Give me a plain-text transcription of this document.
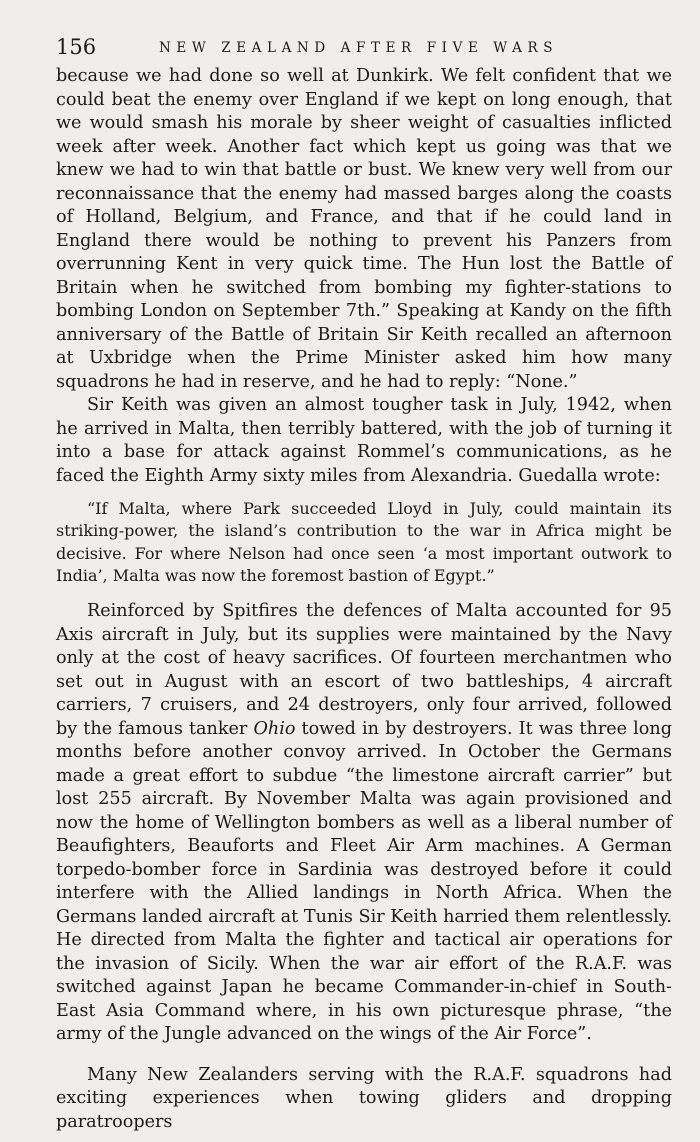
156	NEW ZEALAND AFTER FIVE WARS

because we had done so well at Dunkirk. We felt confident that we could beat the enemy over England if we kept on long enough, that we would smash his morale by sheer weight of casualties inflicted week after week. Another fact which kept us going was that we knew we had to win that battle or bust. We knew very well from our reconnaissance that the enemy had massed barges along the coasts of Holland, Belgium, and France, and that if he could land in England there would be nothing to prevent his Panzers from overrunning Kent in very quick time. The Hun lost the Battle of Britain when he switched from bombing my fighter-stations to bombing London on September 7th.” Speaking at Kandy on the fifth anniversary of the Battle of Britain Sir Keith recalled an afternoon at Uxbridge when the Prime Minister asked him how many squadrons he had in reserve, and he had to reply: “None.”

Sir Keith was given an almost tougher task in July, 1942, when he arrived in Malta, then terribly battered, with the job of turning it into a base for attack against Rommel’s communications, as he faced the Eighth Army sixty miles from Alexandria. Guedalla wrote:

“If Malta, where Park succeeded Lloyd in July, could maintain its striking-power, the island’s contribution to the war in Africa might be decisive. For where Nelson had once seen ‘a most important outwork to India’, Malta was now the foremost bastion of Egypt.”

Reinforced by Spitfires the defences of Malta accounted for 95 Axis aircraft in July, but its supplies were maintained by the Navy only at the cost of heavy sacrifices. Of fourteen merchantmen who set out in August with an escort of two battleships, 4 aircraft carriers, 7 cruisers, and 24 destroyers, only four arrived, followed by the famous tanker Ohio towed in by destroyers. It was three long months before another convoy arrived. In October the Germans made a great effort to subdue “the limestone aircraft carrier” but lost 255 aircraft. By November Malta was again provisioned and now the home of Wellington bombers as well as a liberal number of Beaufighters, Beauforts and Fleet Air Arm machines. A German torpedo-bomber force in Sardinia was destroyed before it could interfere with the Allied landings in North Africa. When the Germans landed aircraft at Tunis Sir Keith harried them relentlessly. He directed from Malta the fighter and tactical air operations for the invasion of Sicily. When the war air effort of the R.A.F. was switched against Japan he became Commander-in-chief in South-East Asia Command where, in his own picturesque phrase, “the army of the Jungle advanced on the wings of the Air Force”.

Many New Zealanders serving with the R.A.F. squadrons had exciting experiences when towing gliders and dropping paratroopers
